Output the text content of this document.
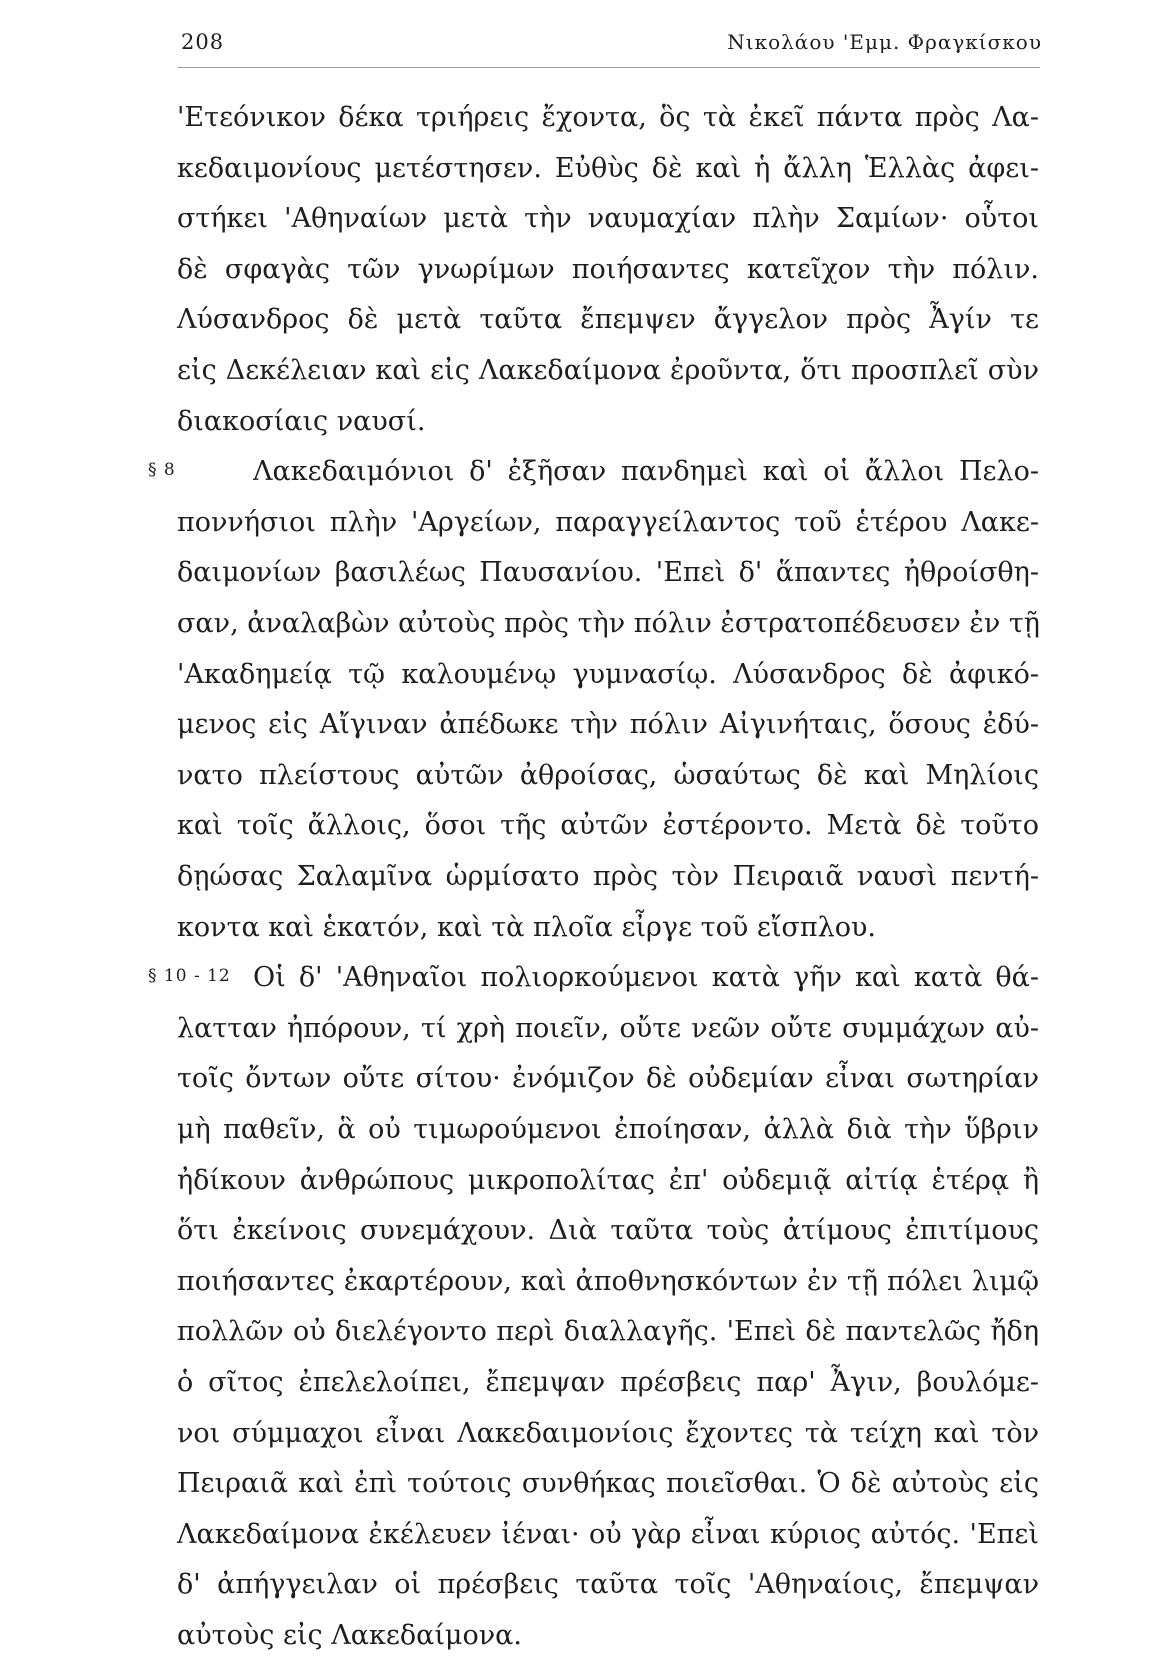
208	Νικολάου 'Εμμ. Φραγκίσκου
'Ετεόνικον δέκα τριήρεις ἔχοντα, ὃς τὰ ἐκεῖ πάντα πρὸς Λα-
κεδαιμονίους μετέστησεν. Εὐθὺς δὲ καὶ ἡ ἄλλη Ἑλλὰς ἀφει-
στήκει 'Αθηναίων μετὰ τὴν ναυμαχίαν πλὴν Σαμίων· οὗτοι
δὲ σφαγὰς τῶν γνωρίμων ποιήσαντες κατεῖχον τὴν πόλιν.
Λύσανδρος δὲ μετὰ ταῦτα ἔπεμψεν ἄγγελον πρὸς Ἆγίν τε
εἰς Δεκέλειαν καὶ εἰς Λακεδαίμονα ἐροῦντα, ὅτι προσπλεῖ σὺν
διακοσίαις ναυσί.
§ 8	Λακεδαιμόνιοι δ' ἐξῆσαν πανδημεὶ καὶ οἱ ἄλλοι Πελο-
ποννήσιοι πλὴν 'Αργείων, παραγγείλαντος τοῦ ἑτέρου Λακε-
δαιμονίων βασιλέως Παυσανίου. 'Επεὶ δ' ἅπαντες ἠθροίσθη-
σαν, ἀναλαβὼν αὐτοὺς πρὸς τὴν πόλιν ἐστρατοπέδευσεν ἐν τῇ
'Ακαδημείᾳ τῷ καλουμένῳ γυμνασίῳ. Λύσανδρος δὲ ἀφικό-
μενος εἰς Αἴγιναν ἀπέδωκε τὴν πόλιν Αἰγινήταις, ὅσους ἐδύ-
νατο πλείστους αὐτῶν ἀθροίσας, ὡσαύτως δὲ καὶ Μηλίοις
καὶ τοῖς ἄλλοις, ὅσοι τῆς αὐτῶν ἐστέροντο. Μετὰ δὲ τοῦτο
δῃώσας Σαλαμῖνα ὡρμίσατο πρὸς τὸν Πειραιᾶ ναυσὶ πεντή-
κοντα καὶ ἑκατόν, καὶ τὰ πλοῖα εἶργε τοῦ εἴσπλου.
§ 10 - 12 Οἱ δ' 'Αθηναῖοι πολιορκούμενοι κατὰ γῆν καὶ κατὰ θά-
λατταν ἠπόρουν, τί χρὴ ποιεῖν, οὔτε νεῶν οὔτε συμμάχων αὐ-
τοῖς ὄντων οὔτε σίτου· ἐνόμιζον δὲ οὐδεμίαν εἶναι σωτηρίαν
μὴ παθεῖν, ἃ οὐ τιμωρούμενοι ἐποίησαν, ἀλλὰ διὰ τὴν ὕβριν
ἠδίκουν ἀνθρώπους μικροπολίτας ἐπ' οὐδεμιᾷ αἰτίᾳ ἑτέρᾳ ἢ
ὅτι ἐκείνοις συνεμάχουν. Διὰ ταῦτα τοὺς ἀτίμους ἐπιτίμους
ποιήσαντες ἐκαρτέρουν, καὶ ἀποθνησκόντων ἐν τῇ πόλει λιμῷ
πολλῶν οὐ διελέγοντο περὶ διαλλαγῆς. 'Επεὶ δὲ παντελῶς ἤδη
ὁ σῖτος ἐπελελοίπει, ἔπεμψαν πρέσβεις παρ' Ἆγιν, βουλόμε-
νοι σύμμαχοι εἶναι Λακεδαιμονίοις ἔχοντες τὰ τείχη καὶ τὸν
Πειραιᾶ καὶ ἐπὶ τούτοις συνθήκας ποιεῖσθαι. Ὁ δὲ αὐτοὺς εἰς
Λακεδαίμονα ἐκέλευεν ἰέναι· οὐ γὰρ εἶναι κύριος αὐτός. 'Επεὶ
δ' ἀπήγγειλαν οἱ πρέσβεις ταῦτα τοῖς 'Αθηναίοις, ἔπεμψαν
αὐτοὺς εἰς Λακεδαίμονα.
